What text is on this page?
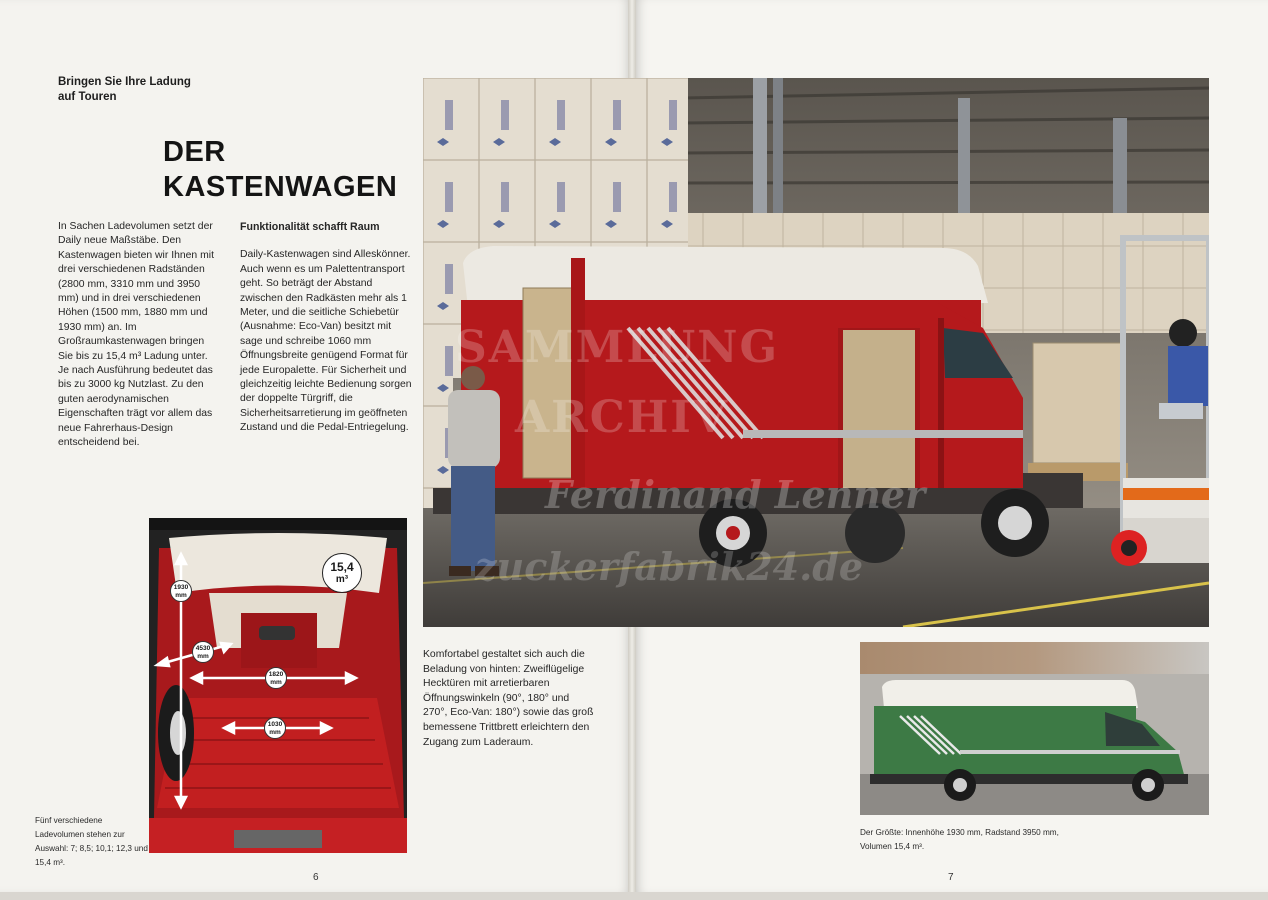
Bringen Sie Ihre Ladung
auf Touren
DER
KASTENWAGEN
In Sachen Ladevolumen setzt der Daily neue Maßstäbe. Den Kastenwagen bieten wir Ihnen mit drei verschiedenen Radständen (2800 mm, 3310 mm und 3950 mm) und in drei verschiedenen Höhen (1500 mm, 1880 mm und 1930 mm) an. Im Großraumkastenwagen bringen Sie bis zu 15,4 m³ Ladung unter. Je nach Ausführung bedeutet das bis zu 3000 kg Nutzlast. Zu den guten aerodynamischen Eigenschaften trägt vor allem das neue Fahrerhaus-Design entscheidend bei.
Funktionalität schafft Raum
Daily-Kastenwagen sind Alleskönner. Auch wenn es um Palettentransport geht. So beträgt der Abstand zwischen den Radkästen mehr als 1 Meter, und die seitliche Schiebetür (Ausnahme: Eco-Van) besitzt mit sage und schreibe 1060 mm Öffnungsbreite genügend Format für jede Europalette. Für Sicherheit und gleichzeitig leichte Bedienung sorgen der doppelte Türgriff, die Sicherheitsarretierung im geöffneten Zustand und die Pedal-Entriegelung.
SAMMLUNG
ARCHIV
Ferdinand Lenner
zuckerfabrik24.de
15,4
m³
1930
mm
4530
mm
1820
mm
1030
mm
Fünf verschiedene Ladevolumen stehen zur Auswahl: 7; 8,5; 10,1; 12,3 und 15,4 m³.
6
Komfortabel gestaltet sich auch die Beladung von hinten: Zweiflügelige Hecktüren mit arretierbaren Öffnungswinkeln (90°, 180° und 270°, Eco-Van: 180°) sowie das groß bemessene Trittbrett erleichtern den Zugang zum Laderaum.
Der Größte: Innenhöhe 1930 mm, Radstand 3950 mm, Volumen 15,4 m³.
7
